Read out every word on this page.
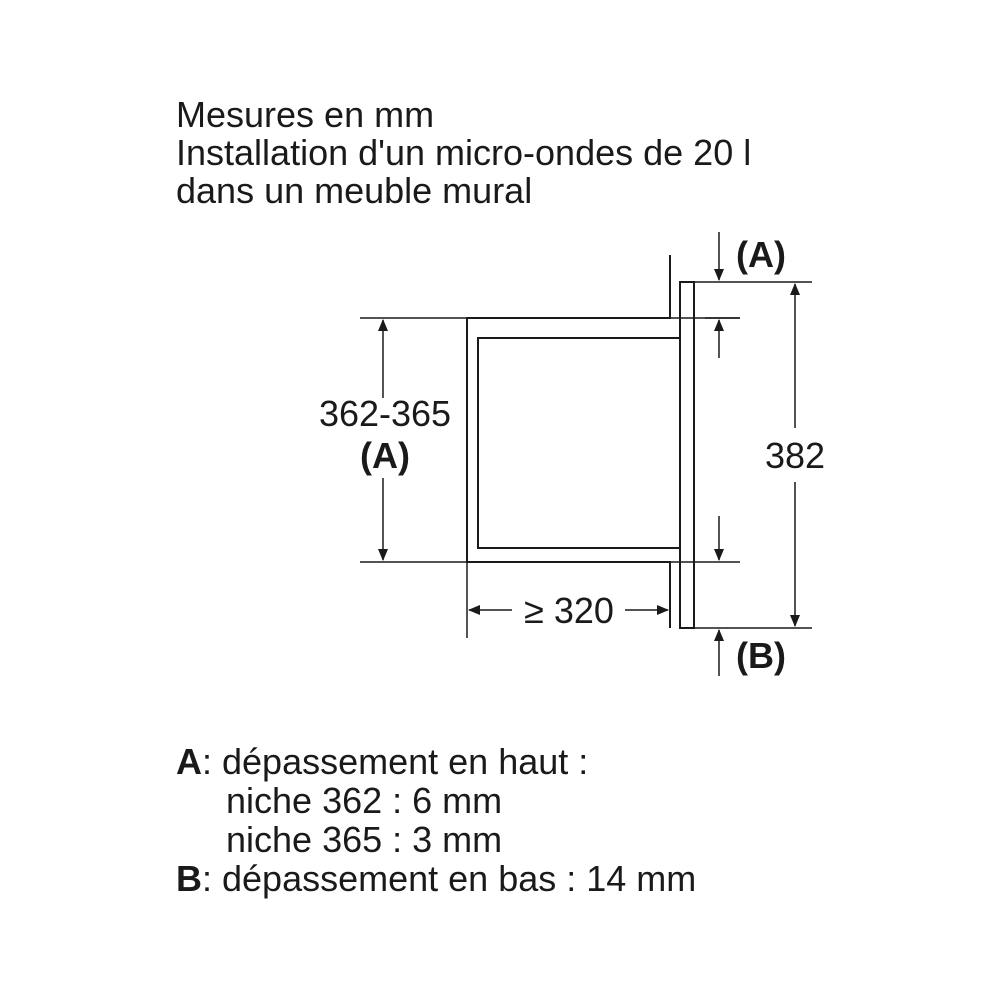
Mesures en mm
Installation d'un micro-ondes de 20 l
dans un meuble mural
362-365
(A)	382
≥ 320
(A)
(B)
A: dépassement en haut :
niche 362 : 6 mm
niche 365 : 3 mm
B: dépassement en bas : 14 mm
